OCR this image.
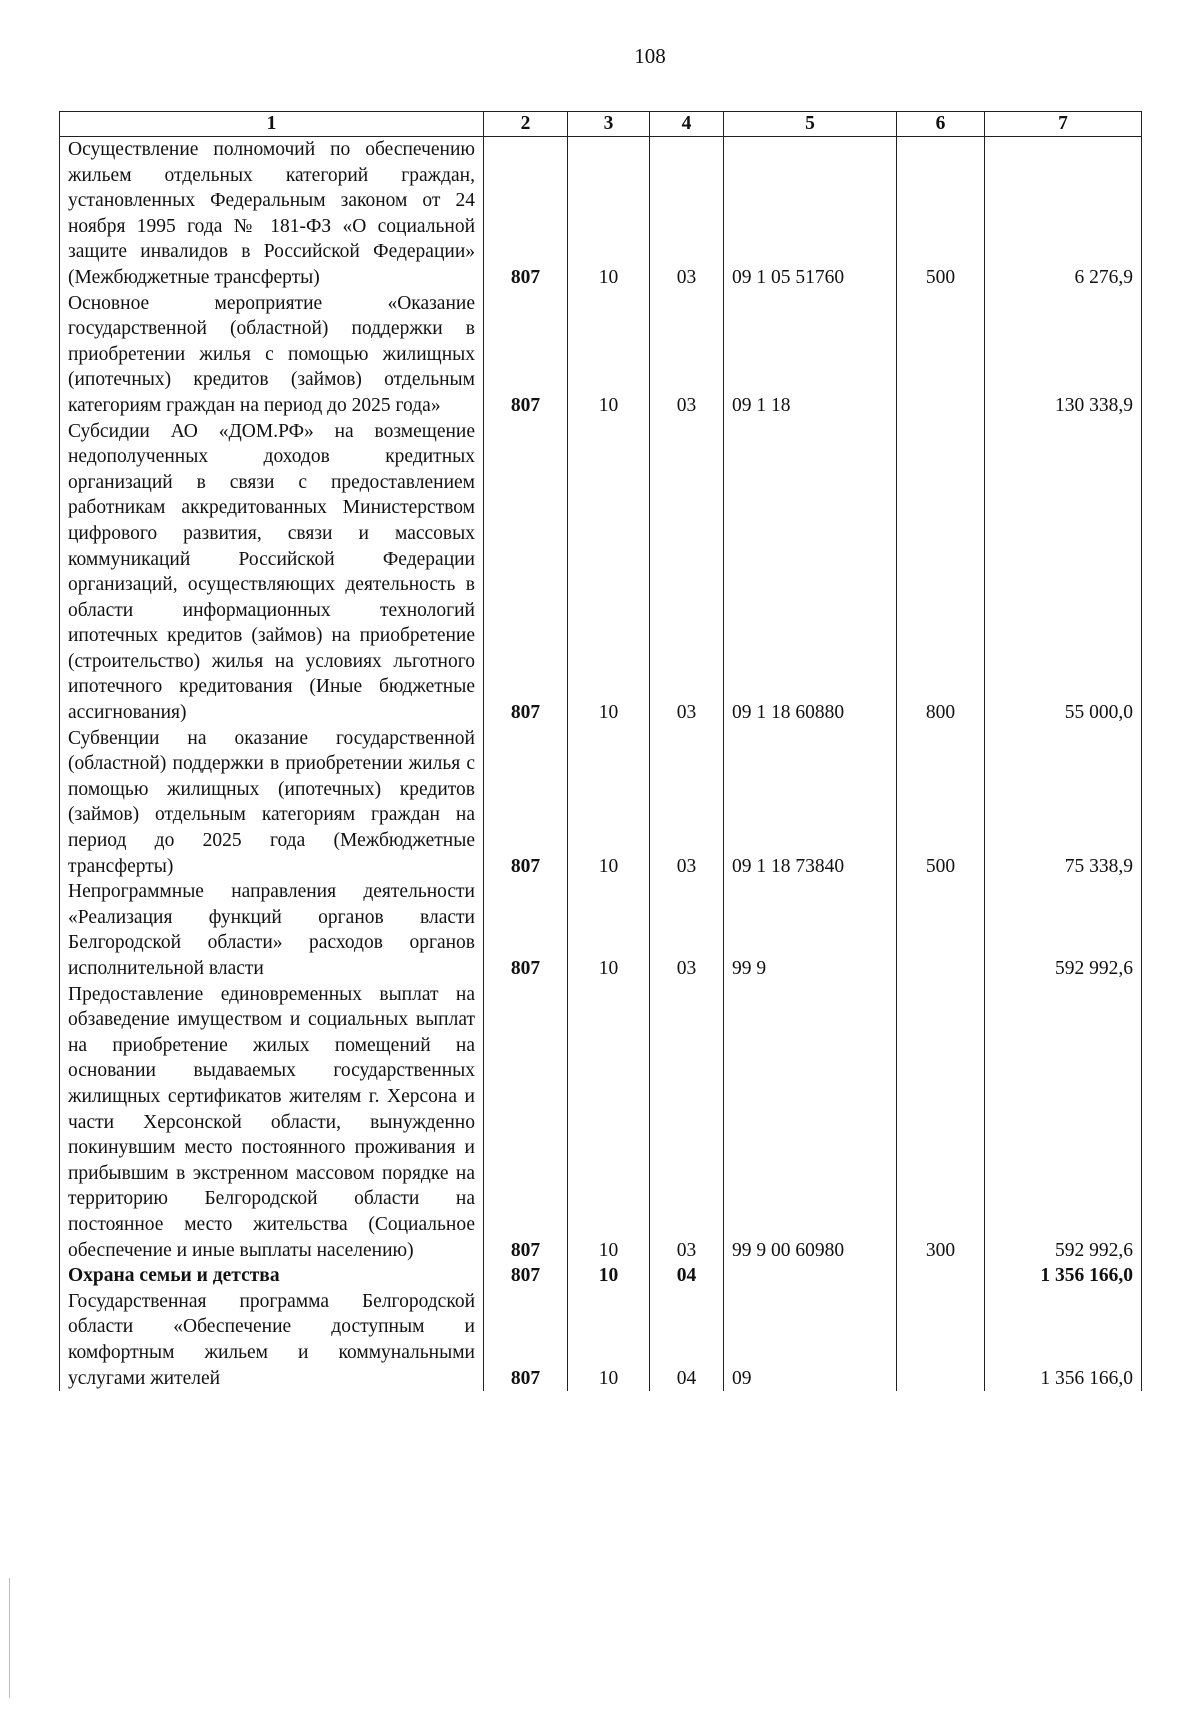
108
1	2	3	4	5	6	7
Осуществление полномочий по обеспечению жильем отдельных категорий граждан, установленных Федеральным законом от 24 ноября 1995 года № 181-ФЗ «О социальной защите инвалидов в Российской Федерации» (Межбюджетные трансферты)	807	10	03	09 1 05 51760	500	6 276,9
Основное мероприятие «Оказание государственной (областной) поддержки в приобретении жилья с помощью жилищных (ипотечных) кредитов (займов) отдельным категориям граждан на период до 2025 года»	807	10	03	09 1 18		130 338,9
Субсидии АО «ДОМ.РФ» на возмещение недополученных доходов кредитных организаций в связи с предоставлением работникам аккредитованных Министерством цифрового развития, связи и массовых коммуникаций Российской Федерации организаций, осуществляющих деятельность в области информационных технологий ипотечных кредитов (займов) на приобретение (строительство) жилья на условиях льготного ипотечного кредитования (Иные бюджетные ассигнования)	807	10	03	09 1 18 60880	800	55 000,0
Субвенции на оказание государственной (областной) поддержки в приобретении жилья с помощью жилищных (ипотечных) кредитов (займов) отдельным категориям граждан на период до 2025 года (Межбюджетные трансферты)	807	10	03	09 1 18 73840	500	75 338,9
Непрограммные направления деятельности «Реализация функций органов власти Белгородской области» расходов органов исполнительной власти	807	10	03	99 9		592 992,6
Предоставление единовременных выплат на обзаведение имуществом и социальных выплат на приобретение жилых помещений на основании выдаваемых государственных жилищных сертификатов жителям г. Херсона и части Херсонской области, вынужденно покинувшим место постоянного проживания и прибывшим в экстренном массовом порядке на территорию Белгородской области на постоянное место жительства (Социальное обеспечение и иные выплаты населению)	807	10	03	99 9 00 60980	300	592 992,6
Охрана семьи и детства	807	10	04			1 356 166,0
Государственная программа Белгородской области «Обеспечение доступным и комфортным жильем и коммунальными услугами жителей	807	10	04	09		1 356 166,0
